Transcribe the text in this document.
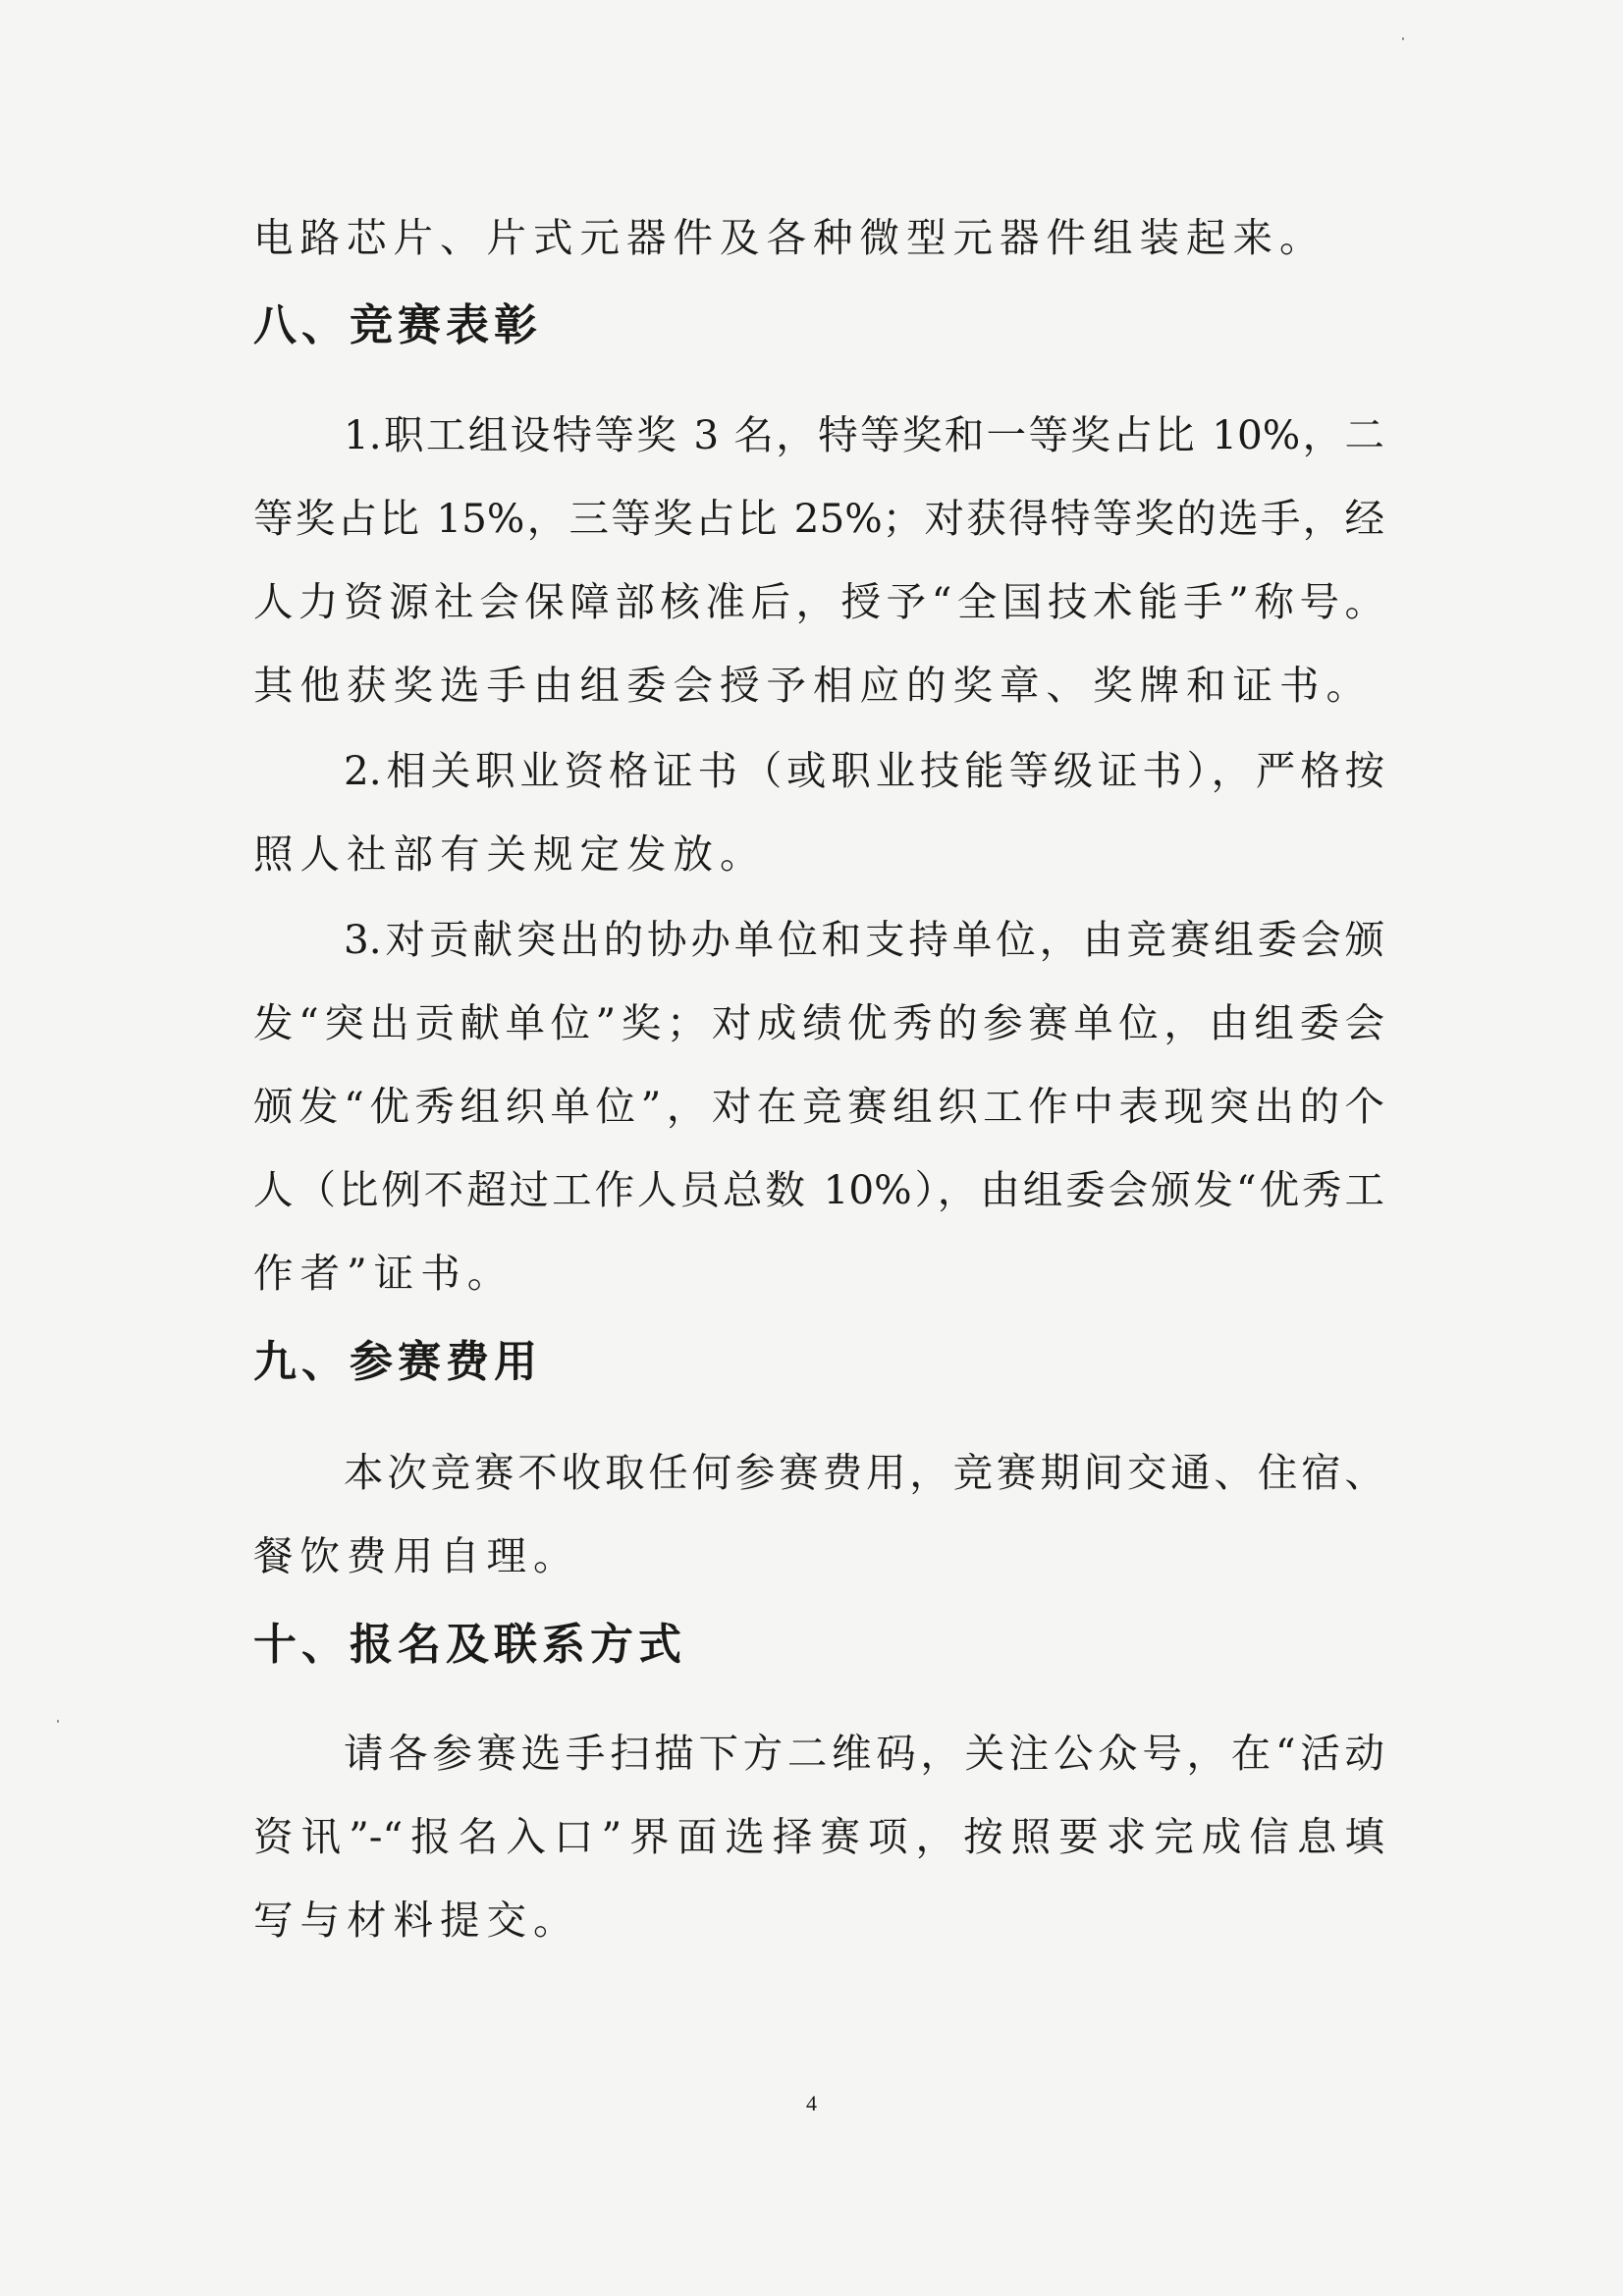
电路芯片、片式元器件及各种微型元器件组装起来。

八、竞赛表彰

1.职工组设特等奖 3 名，特等奖和一等奖占比 10%，二

等奖占比 15%，三等奖占比 25%；对获得特等奖的选手，经

人力资源社会保障部核准后，授予“全国技术能手”称号。

其他获奖选手由组委会授予相应的奖章、奖牌和证书。

2.相关职业资格证书（或职业技能等级证书），严格按

照人社部有关规定发放。

3.对贡献突出的协办单位和支持单位，由竞赛组委会颁

发“突出贡献单位”奖；对成绩优秀的参赛单位，由组委会

颁发“优秀组织单位”，对在竞赛组织工作中表现突出的个

人（比例不超过工作人员总数 10%），由组委会颁发“优秀工

作者”证书。

九、参赛费用

本次竞赛不收取任何参赛费用，竞赛期间交通、住宿、

餐饮费用自理。

十、报名及联系方式

请各参赛选手扫描下方二维码，关注公众号，在“活动

资讯”-“报名入口”界面选择赛项，按照要求完成信息填

写与材料提交。

4
